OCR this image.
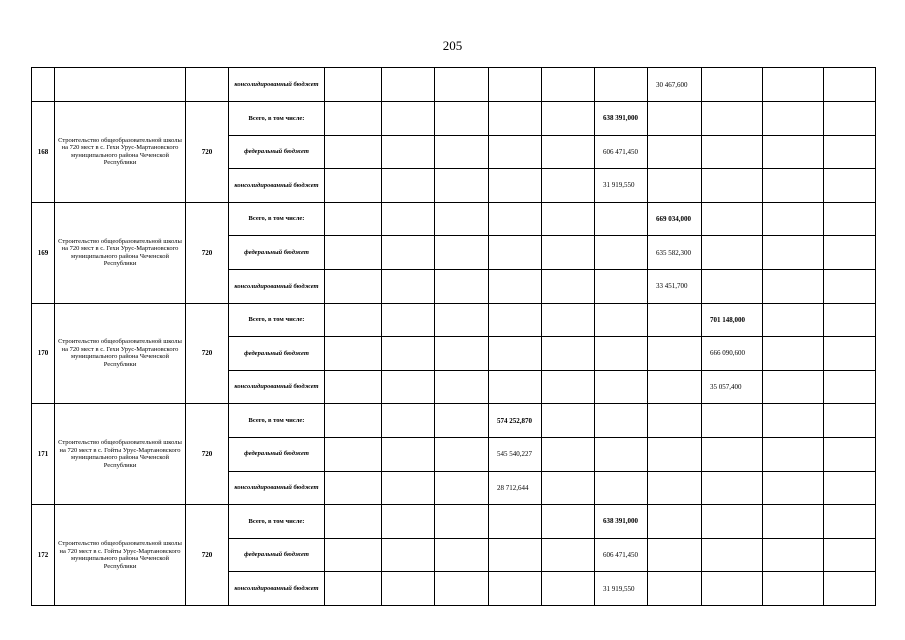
205
			консолидированный бюджет							30 467,600			
168	Строительство общеобразовательной школы на 720 мест в с. Гехи Урус-Мартановского муниципального района Чеченской Республики	720	Всего, в том числе:						638 391,000				
			федеральный бюджет						606 471,450				
			консолидированный бюджет						31 919,550				
169	Строительство общеобразовательной школы на 720 мест в с. Гехи Урус-Мартановского муниципального района Чеченской Республики	720	Всего, в том числе:							669 034,000			
			федеральный бюджет							635 582,300			
			консолидированный бюджет							33 451,700			
170	Строительство общеобразовательной школы на 720 мест в с. Гехи Урус-Мартановского муниципального района Чеченской Республики	720	Всего, в том числе:								701 148,000		
			федеральный бюджет								666 090,600		
			консолидированный бюджет								35 057,400		
171	Строительство общеобразовательной школы на 720 мест в с. Гойты Урус-Мартановского муниципального района Чеченской Республики	720	Всего, в том числе:				574 252,870						
			федеральный бюджет				545 540,227						
			консолидированный бюджет				28 712,644						
172	Строительство общеобразовательной школы на 720 мест в с. Гойты Урус-Мартановского муниципального района Чеченской Республики	720	Всего, в том числе:						638 391,000				
			федеральный бюджет						606 471,450				
			консолидированный бюджет						31 919,550				
